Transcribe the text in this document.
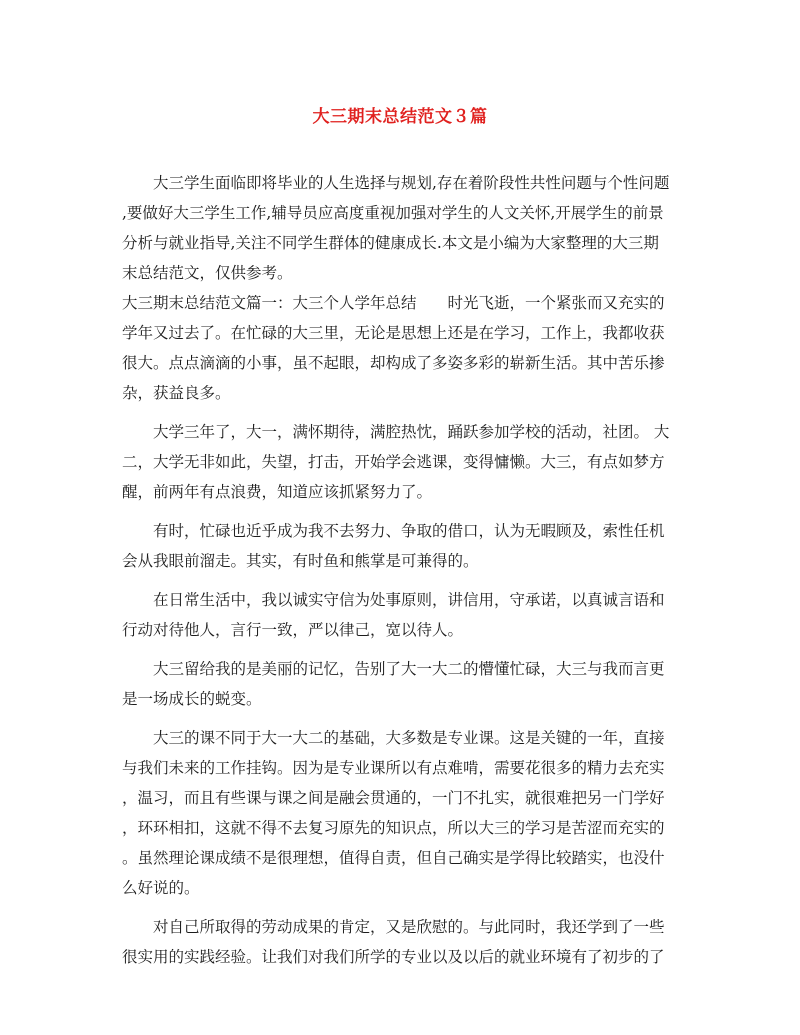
大三期末总结范文３篇
大三学生面临即将毕业的人生选择与规划,存在着阶段性共性问题与个性问题
,要做好大三学生工作,辅导员应高度重视加强对学生的人文关怀,开展学生的前景
分析与就业指导,关注不同学生群体的健康成长.本文是小编为大家整理的大三期
末总结范文，仅供参考。
大三期末总结范文篇一：大三个人学年总结　　时光飞逝，一个紧张而又充实的
学年又过去了。在忙碌的大三里，无论是思想上还是在学习，工作上，我都收获
很大。点点滴滴的小事，虽不起眼，却构成了多姿多彩的崭新生活。其中苦乐掺
杂，获益良多。
大学三年了，大一，满怀期待，满腔热忱，踊跃参加学校的活动，社团。 大
二，大学无非如此，失望，打击，开始学会逃课，变得慵懒。大三，有点如梦方
醒，前两年有点浪费，知道应该抓紧努力了。
有时，忙碌也近乎成为我不去努力、争取的借口，认为无暇顾及，索性任机
会从我眼前溜走。其实，有时鱼和熊掌是可兼得的。
在日常生活中，我以诚实守信为处事原则，讲信用，守承诺，以真诚言语和
行动对待他人，言行一致，严以律己，宽以待人。
大三留给我的是美丽的记忆，告别了大一大二的懵懂忙碌，大三与我而言更
是一场成长的蜕变。
大三的课不同于大一大二的基础，大多数是专业课。这是关键的一年，直接
与我们未来的工作挂钩。因为是专业课所以有点难啃，需要花很多的精力去充实
，温习，而且有些课与课之间是融会贯通的，一门不扎实，就很难把另一门学好
，环环相扣，这就不得不去复习原先的知识点，所以大三的学习是苦涩而充实的
。虽然理论课成绩不是很理想，值得自责，但自己确实是学得比较踏实，也没什
么好说的。
对自己所取得的劳动成果的肯定，又是欣慰的。与此同时，我还学到了一些
很实用的实践经验。让我们对我们所学的专业以及以后的就业环境有了初步的了
